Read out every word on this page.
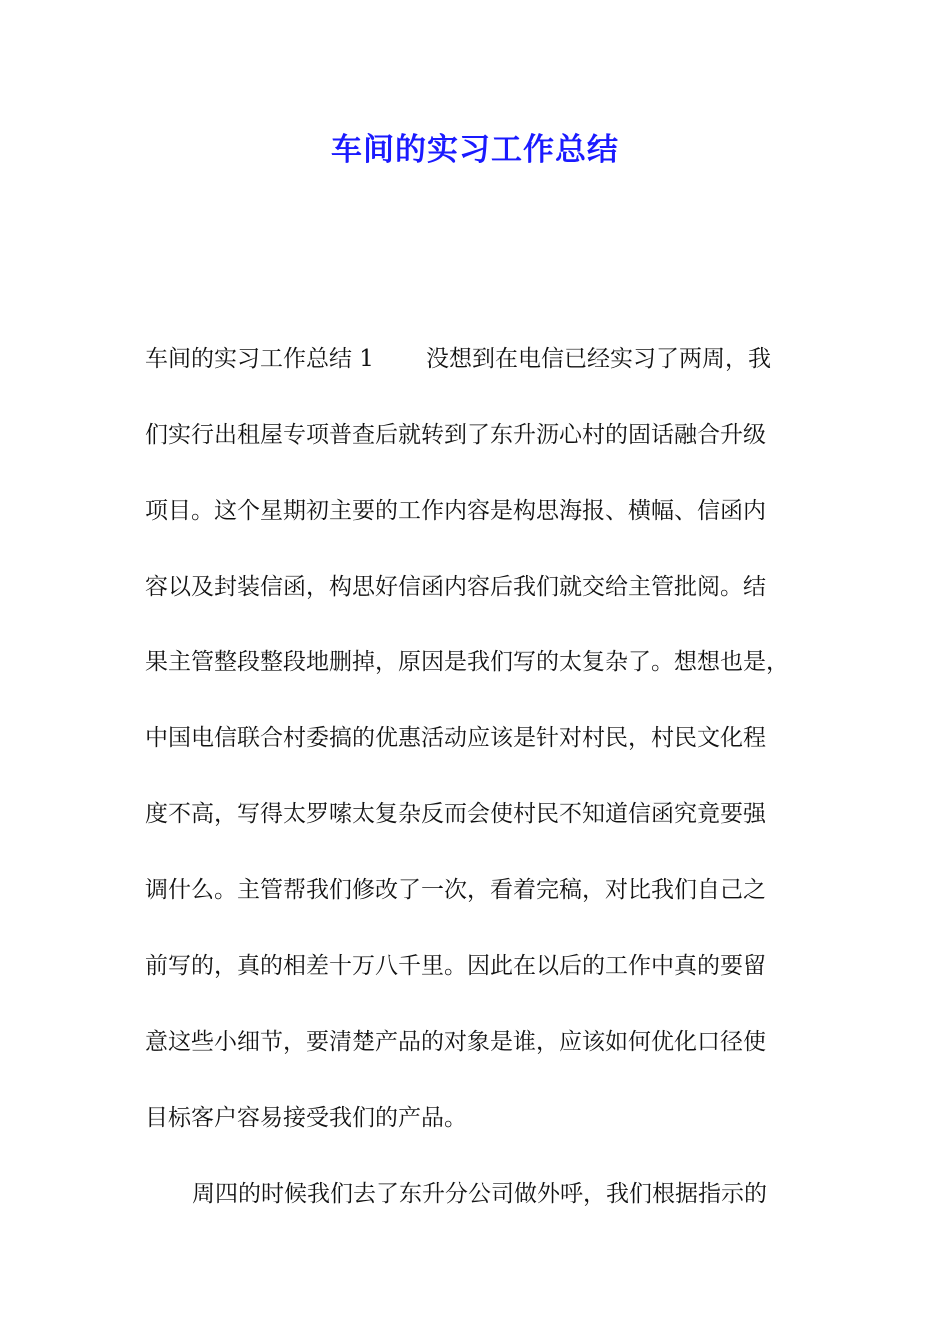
车间的实习工作总结
车间的实习工作总结 1 没想到在电信已经实习了两周，我
们实行出租屋专项普查后就转到了东升沥心村的固话融合升级
项目。这个星期初主要的工作内容是构思海报、横幅、信函内
容以及封装信函，构思好信函内容后我们就交给主管批阅。结
果主管整段整段地删掉，原因是我们写的太复杂了。想想也是，
中国电信联合村委搞的优惠活动应该是针对村民，村民文化程
度不高，写得太罗嗦太复杂反而会使村民不知道信函究竟要强
调什么。主管帮我们修改了一次，看着完稿，对比我们自己之
前写的，真的相差十万八千里。因此在以后的工作中真的要留
意这些小细节，要清楚产品的对象是谁，应该如何优化口径使
目标客户容易接受我们的产品。
周四的时候我们去了东升分公司做外呼，我们根据指示的
